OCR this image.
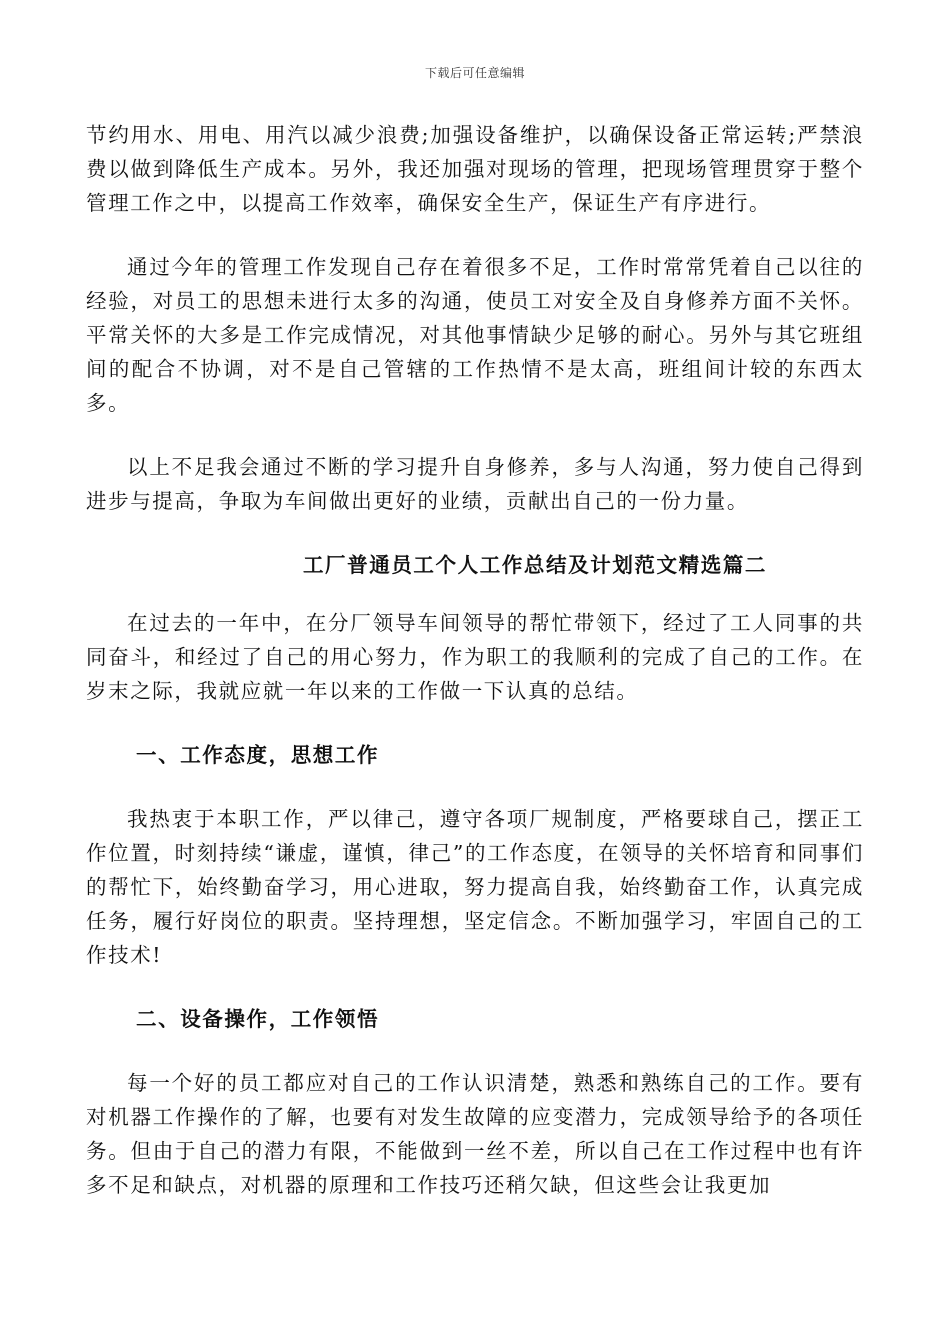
下载后可任意编辑

节约用水、用电、用汽以减少浪费;加强设备维护，以确保设备正常运转;严禁浪费以做到降低生产成本。另外，我还加强对现场的管理，把现场管理贯穿于整个管理工作之中，以提高工作效率，确保安全生产，保证生产有序进行。

通过今年的管理工作发现自己存在着很多不足，工作时常常凭着自己以往的经验，对员工的思想未进行太多的沟通，使员工对安全及自身修养方面不关怀。平常关怀的大多是工作完成情况，对其他事情缺少足够的耐心。另外与其它班组间的配合不协调，对不是自己管辖的工作热情不是太高，班组间计较的东西太多。

以上不足我会通过不断的学习提升自身修养，多与人沟通，努力使自己得到进步与提高，争取为车间做出更好的业绩，贡献出自己的一份力量。

工厂普通员工个人工作总结及计划范文精选篇二

在过去的一年中，在分厂领导车间领导的帮忙带领下，经过了工人同事的共同奋斗，和经过了自己的用心努力，作为职工的我顺利的完成了自己的工作。在岁末之际，我就应就一年以来的工作做一下认真的总结。

一、工作态度，思想工作

我热衷于本职工作，严以律己，遵守各项厂规制度，严格要球自己，摆正工作位置，时刻持续“谦虚，谨慎，律己”的工作态度，在领导的关怀培育和同事们的帮忙下，始终勤奋学习，用心进取，努力提高自我，始终勤奋工作，认真完成任务，履行好岗位的职责。坚持理想，坚定信念。不断加强学习，牢固自己的工作技术!

二、设备操作，工作领悟

每一个好的员工都应对自己的工作认识清楚，熟悉和熟练自己的工作。要有对机器工作操作的了解，也要有对发生故障的应变潜力，完成领导给予的各项任务。但由于自己的潜力有限，不能做到一丝不差，所以自己在工作过程中也有许多不足和缺点，对机器的原理和工作技巧还稍欠缺，但这些会让我更加
